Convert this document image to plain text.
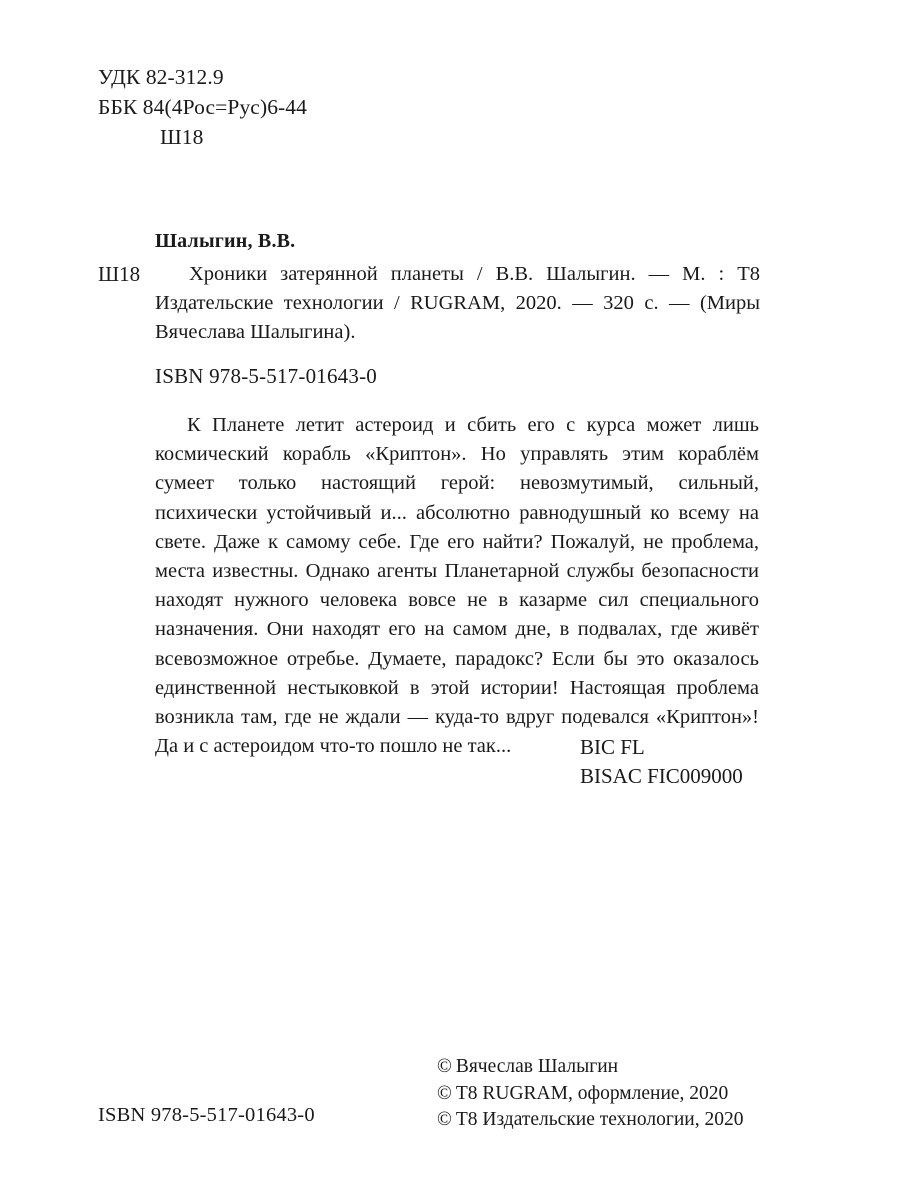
УДК 82-312.9
ББК 84(4Рос=Рус)6-44
Ш18
Шалыгин, В.В.
Ш18 Хроники затерянной планеты / В.В. Шалыгин. — М. : Т8 Издательские технологии / RUGRAM, 2020. — 320 с. — (Миры Вячеслава Шалыгина).
ISBN 978-5-517-01643-0
К Планете летит астероид и сбить его с курса может лишь космический корабль «Криптон». Но управлять этим кораблём сумеет только настоящий герой: невозмутимый, сильный, психически устойчивый и... абсолютно равнодушный ко всему на свете. Даже к самому себе. Где его найти? Пожалуй, не проблема, места известны. Однако агенты Планетарной службы безопасности находят нужного человека вовсе не в казарме сил специального назначения. Они находят его на самом дне, в подвалах, где живёт всевозможное отребье. Думаете, парадокс? Если бы это оказалось единственной нестыковкой в этой истории! Настоящая проблема возникла там, где не ждали — куда-то вдруг подевался «Криптон»! Да и с астероидом что-то пошло не так...	BIC FL
BISAC FIC009000
© Вячеслав Шалыгин
© Т8 RUGRAM, оформление, 2020
© Т8 Издательские технологии, 2020
ISBN 978-5-517-01643-0
